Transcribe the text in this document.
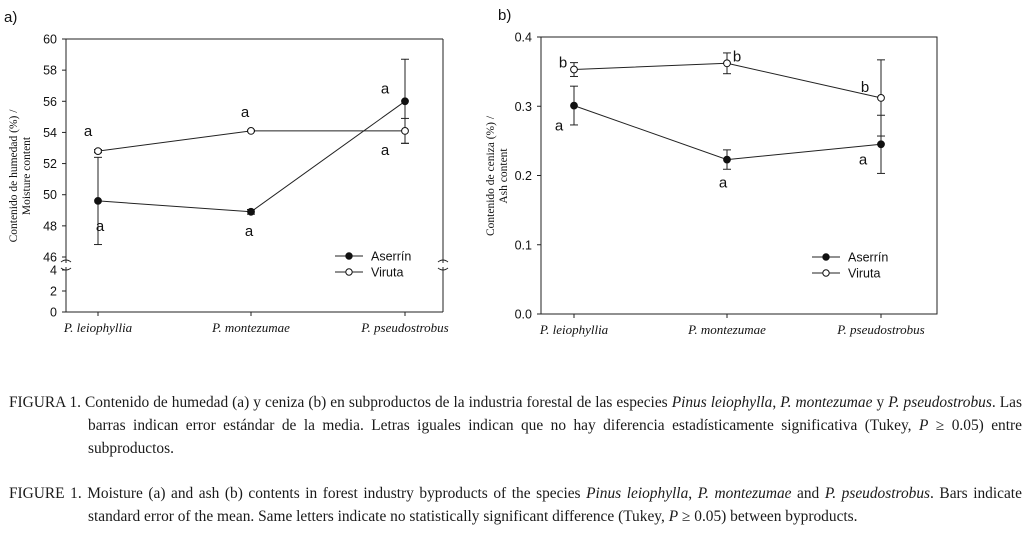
a)
46
48
50
52
54
56
58
60
0
2
4
P. leiophyllia	P. montezumae	P. pseudostrobus
Contenido de humedad (%) /Moisture content
a	a
a
a
a
a
Aserrín
Viruta
b)
0.0
0.1
0.2
0.3
0.4
P. leiophyllia	P. montezumae	P. pseudostrobus
Contenido de ceniza (%) /Ash content
a
a
a
b	b
b
Aserrín
Viruta

FIGURA 1. Contenido de humedad (a) y ceniza (b) en subproductos de la industria forestal de las especies Pinus leiophylla, P. montezumae y P. pseudostrobus. Las barras indican error estándar de la media. Letras iguales indican que no hay diferencia estadísticamente significativa (Tukey, P ≥ 0.05) entre subproductos.

FIGURE 1. Moisture (a) and ash (b) contents in forest industry byproducts of the species Pinus leiophylla, P. montezumae and P. pseudostrobus. Bars indicate standard error of the mean. Same letters indicate no statistically significant difference (Tukey, P ≥ 0.05) between byproducts.
